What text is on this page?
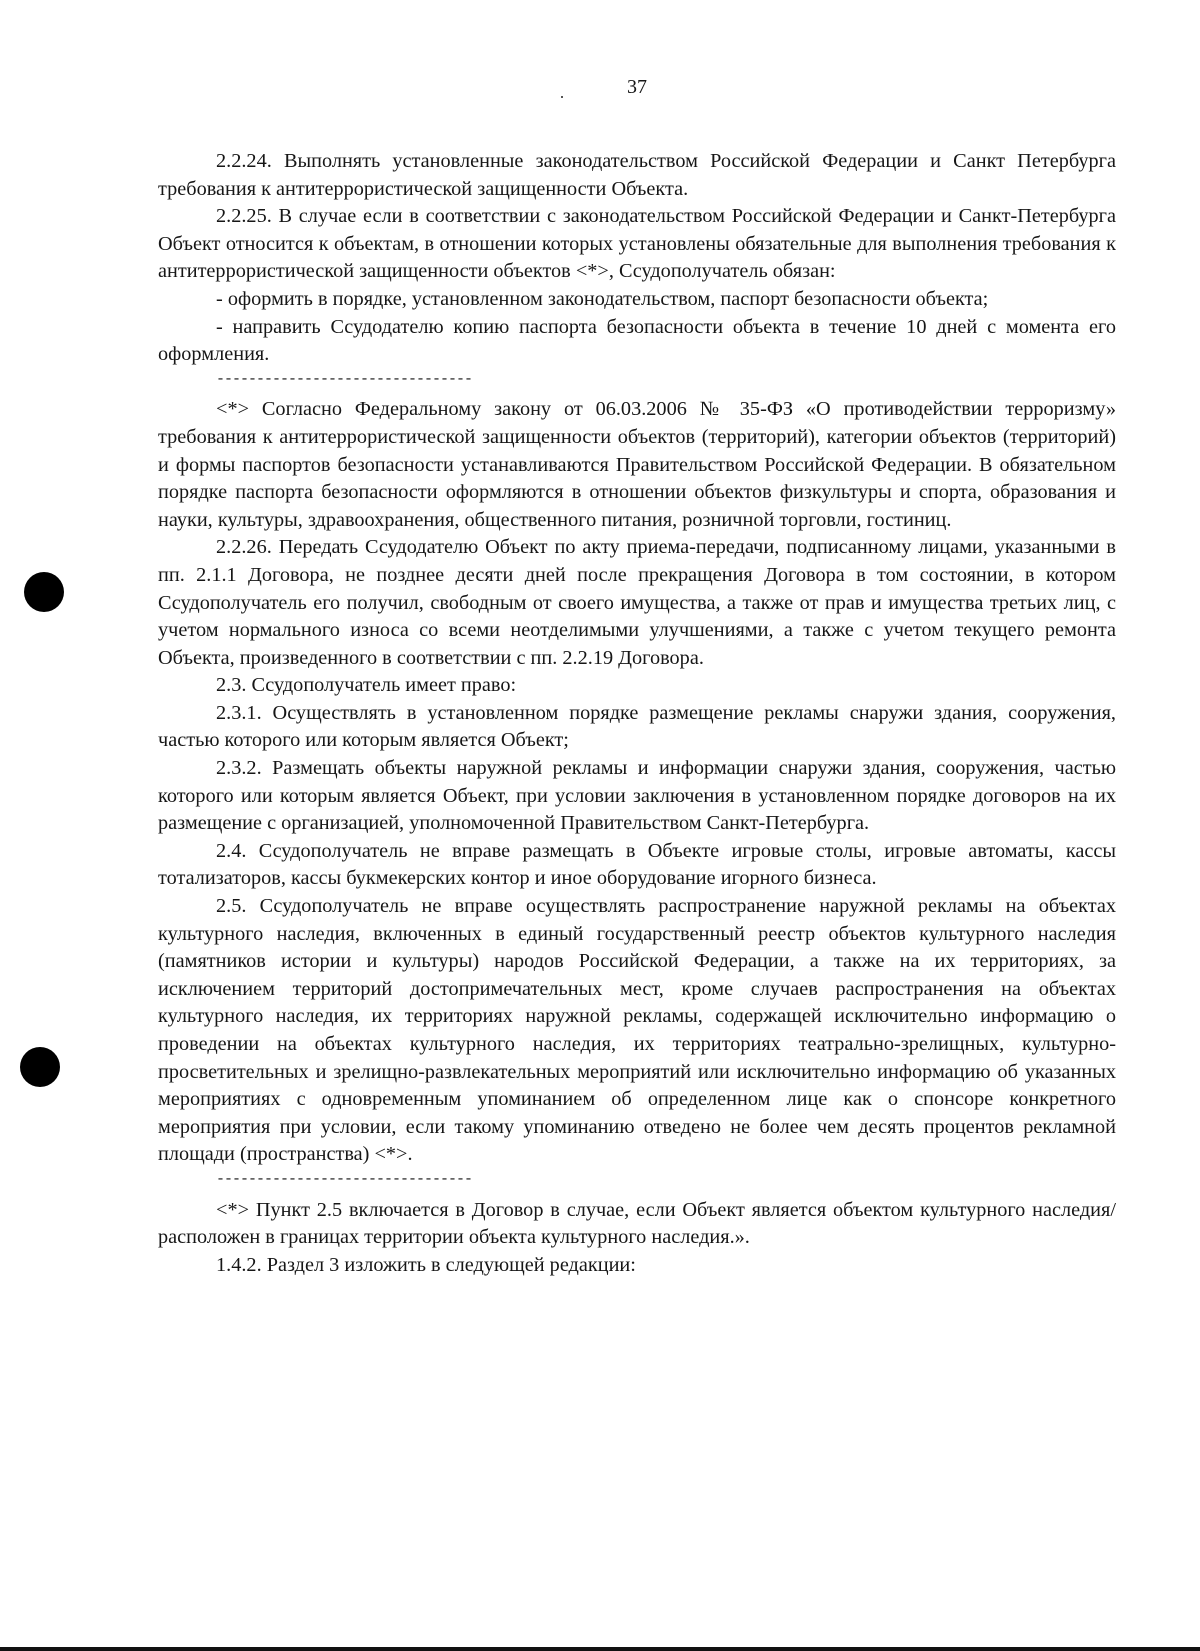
37

2.2.24. Выполнять установленные законодательством Российской Федерации и Санкт Петербурга требования к антитеррористической защищенности Объекта.

2.2.25. В случае если в соответствии с законодательством Российской Федерации и Санкт-Петербурга Объект относится к объектам, в отношении которых установлены обязательные для выполнения требования к антитеррористической защищенности объектов <*>, Ссудополучатель обязан:

- оформить в порядке, установленном законодательством, паспорт безопасности объекта;

- направить Ссудодателю копию паспорта безопасности объекта в течение 10 дней с момента его оформления.

--------------------------------

<*> Согласно Федеральному закону от 06.03.2006 № 35-ФЗ «О противодействии терроризму» требования к антитеррористической защищенности объектов (территорий), категории объектов (территорий) и формы паспортов безопасности устанавливаются Правительством Российской Федерации. В обязательном порядке паспорта безопасности оформляются в отношении объектов физкультуры и спорта, образования и науки, культуры, здравоохранения, общественного питания, розничной торговли, гостиниц.

2.2.26. Передать Ссудодателю Объект по акту приема-передачи, подписанному лицами, указанными в пп. 2.1.1 Договора, не позднее десяти дней после прекращения Договора в том состоянии, в котором Ссудополучатель его получил, свободным от своего имущества, а также от прав и имущества третьих лиц, с учетом нормального износа со всеми неотделимыми улучшениями, а также с учетом текущего ремонта Объекта, произведенного в соответствии с пп. 2.2.19 Договора.

2.3. Ссудополучатель имеет право:

2.3.1. Осуществлять в установленном порядке размещение рекламы снаружи здания, сооружения, частью которого или которым является Объект;

2.3.2. Размещать объекты наружной рекламы и информации снаружи здания, сооружения, частью которого или которым является Объект, при условии заключения в установленном порядке договоров на их размещение с организацией, уполномоченной Правительством Санкт-Петербурга.

2.4. Ссудополучатель не вправе размещать в Объекте игровые столы, игровые автоматы, кассы тотализаторов, кассы букмекерских контор и иное оборудование игорного бизнеса.

2.5. Ссудополучатель не вправе осуществлять распространение наружной рекламы на объектах культурного наследия, включенных в единый государственный реестр объектов культурного наследия (памятников истории и культуры) народов Российской Федерации, а также на их территориях, за исключением территорий достопримечательных мест, кроме случаев распространения на объектах культурного наследия, их территориях наружной рекламы, содержащей исключительно информацию о проведении на объектах культурного наследия, их территориях театрально-зрелищных, культурно-просветительных и зрелищно-развлекательных мероприятий или исключительно информацию об указанных мероприятиях с одновременным упоминанием об определенном лице как о спонсоре конкретного мероприятия при условии, если такому упоминанию отведено не более чем десять процентов рекламной площади (пространства) <*>.

--------------------------------

<*> Пункт 2.5 включается в Договор в случае, если Объект является объектом культурного наследия/расположен в границах территории объекта культурного наследия.».

1.4.2. Раздел 3 изложить в следующей редакции:
